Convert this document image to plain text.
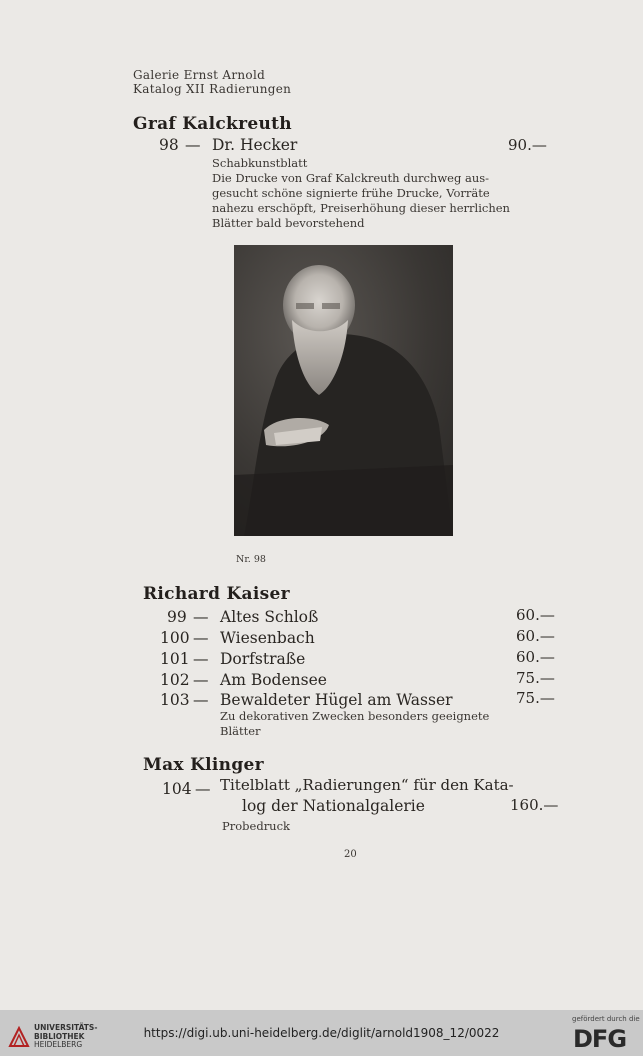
Galerie Ernst Arnold
Katalog XII Radierungen
Graf Kalckreuth
98 — Dr. Hecker	90.—
Schabkunstblatt
Die Drucke von Graf Kalckreuth durchweg aus-
gesucht schöne signierte frühe Drucke, Vorräte
nahezu erschöpft, Preiserhöhung dieser herrlichen
Blätter bald bevorstehend
Nr. 98
Richard Kaiser
99 — Altes Schloß	60.—
100 — Wiesenbach	60.—
101 — Dorfstraße	60.—
102 — Am Bodensee	75.—
103 — Bewaldeter Hügel am Wasser	75.—
Zu dekorativen Zwecken besonders geeignete
Blätter
Max Klinger
104 — Titelblatt „Radierungen“ für den Kata-
log der Nationalgalerie	160.—
Probedruck
20
UNIVERSITÄTS-
BIBLIOTHEK
HEIDELBERG
https://digi.ub.uni-heidelberg.de/diglit/arnold1908_12/0022
gefördert durch die
DFG
